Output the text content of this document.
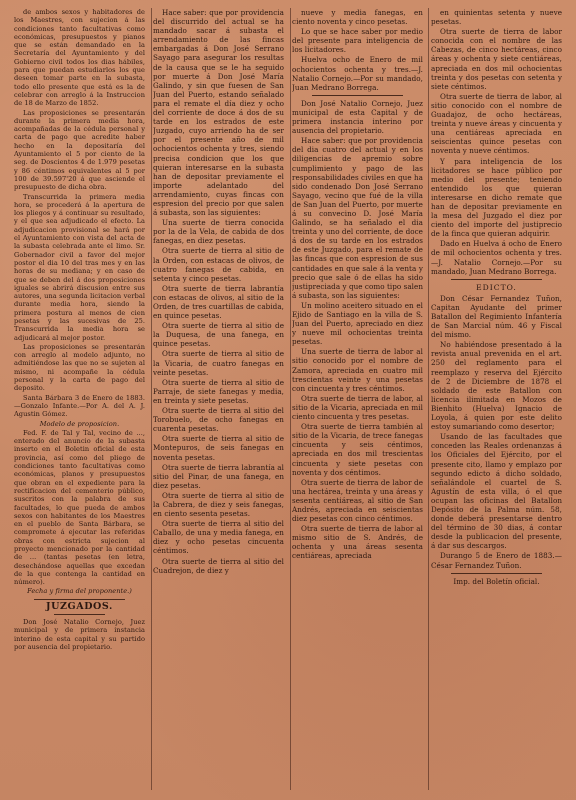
de ambos sexos y habitadores de los Maestres, con sujecion á las condiciones tanto facultativas como económicas, presupuestos y pianos que se están demandado en la Secretaría del Ayuntamiento y del Gobierno civil todos los dias hábiles, para que puedan estudiarlos los que deseen tomar parte en la subasta, todo ello presente que está es la de celebrar con arreglo á la Instruccion de 18 de Marzo de 1852.

Las proposiciones se presentarán durante la primera media hora, acompañadas de la cédula personal y carta de pago que acredite haber hecho en la depositaría del Ayuntamiento el 5 por ciento de la seg. de Doscientos 4 de 1.979 pesetas y 86 céntimos equivalentes al 5 por 100 de 39.597'20 á que asciende el presupuesto de dicha obra.

Transcurrida la primera media hora, se procederá á la apertura de los pliegos y á continuar su resultado, y el que sea adjudicado el efecto. La adjudicacion provisional se hará por el Ayuntamiento con vista del acta de la subasta celebrada ante el limo. Sr. Gobernador civil a favor del mejor postor el dia 10 del tras mes y en las horas de su mediana; y en caso de que se deben del á dos proposiciones iguales se abrirá discusion entre sus autores, una segunda licitacion verbal durante media hora, siendo la primera postura al menos de cien pesetas y las sucesivas de 25. Transcurrida la media hora se adjudicará al mejor postor.

Las proposiciones se presentarán con arreglo al modelo adjunto, no admitiéndose las que no se sujeten al mismo, ni acompañe la cédula personal y la carta de pago del deposito.

Santa Bárbara 3 de Enero de 1883.—Gonzalo Infante.—Por A. del A. J. Agustin Gómez.

Modelo de proposicion.

Fed. F. de Tal y Tal, vecino de ..., enterado del anuncio de la subasta inserto en el Boletin oficial de esta provincia, así como del pliego de condiciones tanto facultativas como económicas, planos y presupuestos que obran en el expediente para la rectificacion del cementerio público, suscritos con la palabra de sus facultades, lo que pueda de ambos sexos con habitantes de los Maestres en el pueblo de Santa Bárbara, se compromete á ejecutar las referidas obras con estricta sujecion al proyecto mencionado por la cantidad de ... (tantas pesetas (en letra, desechándose aquellas que excedan de la que contenga la cantidad en número).

Fecha y firma del proponente.)

JUZGADOS.

Don José Natalio Cornejo, Juez municipal y de primera instancia interino de esta capital y su partido por ausencia del propietario.

Hace saber: que por providencia del discurrido del actual se ha mandado sacar á subasta el arrendamiento de las fincas embargadas á Don José Serrano Sayago para asegurar los resultas de la causa que se le ha seguido por muerte á Don José María Galindo, y sin que fuesen de San Juan del Puerto, estando señalado para el remate el día diez y ocho del corriente de doce á dos de su tarde en los estrados de este Juzgado, cuyo arriendo ha de ser por el presente año de mil ochocientos ochenta y tres, siendo precisa condicion que los que quieran interesarse en la subasta han de depositar previamente el importe adelantado del arrendamiento, cuyas fincas con espresion del precio por que salen á subasta, son las siguientes:

Una suerte de tierra conocida por la de la Vela, de cabida de dos fanegas, en diez pesetas.

Otra suerte de tierra al sitio de la Orden, con estacas de olivos, de cuatro fanegas de cabida, en setenta y cinco pesetas.

Otra suerte de tierra labrantía con estacas de olivos, al sitio de la Orden, de tres cuartillas de cabida, en quince pesetas.

Otra suerte de tierra al sitio de la Duquesa, de una fanega, en quince pesetas.

Otra suerte de tierra al sitio de la Vicaria, de cuatro fanegas en veinte pesetas.

Otra suerte de tierra al sitio de Parraje, de siete fanegas y media, en treinta y siete pesetas.

Otra suerte de tierra al sitio del Torobuelo, de ocho fanegas en cuarenta pesetas.

Otra suerte de tierra al sitio de Montepuros, de seis fanegas en noventa pesetas.

Otra suerte de tierra labrantía al sitio del Pinar, de una fanega, en diez pesetas.

Otra suerte de tierra al sitio de la Cabrera, de diez y seis fanegas, en ciento sesenta pesetas.

Otra suerte de tierra al sitio del Caballo, de una y media fanega, en diez y ocho pesetas cincuenta céntimos.

Otra suerte de tierra al sitio del Cuadrejon, de diez y

nueve y media fanegas, en ciento noventa y cinco pesetas.

Lo que se hace saber por medio del presente para inteligencia de los licitadores.

Huelva ocho de Enero de mil ochocientos ochenta y tres.—J. Natalio Cornejo.—Por su mandado, Juan Medrano Borrega.

Don José Natalio Cornejo, Juez municipal de esta Capital y de primera instancia interino por ausencia del propietario.

Hace saber: que por providencia del dia cuatro del actual y en los diligencias de apremio sobre cumplimiento y pago de las responsabilidades civiles en que ha sido condenado Don José Serrano Sayago, vecino que fué de la villa de San Juan del Puerto, por muerte á su convecino D. José María Galindo, se ha señalado el dia treinta y uno del corriente, de doce á dos de su tarde en los estrados de este Juzgado, para el remate de las fincas que con espresion de sus cantidades en que sale á la venta y precio que sale ó de ellas ha sido justipreciada y que como tipo salen á subasta, son las siguientes:

Un molino aceitero situado en el Ejido de Santiago en la villa de S. Juan del Puerto, apreciado en diez y nueve mil ochocientas treinta pesetas.

Una suerte de tierra de labor al sitio conocido por el nombre de Zamora, apreciada en cuatro mil trescientas veinte y una pesetas con cincuenta y tres céntimos.

Otra suerte de tierra de labor, al sitio de la Vicaria, apreciada en mil ciento cincuenta y tres pesetas.

Otra suerte de tierra también al sitio de la Vicaria, de trece fanegas cincuenta y seis céntimos, apreciada en dos mil trescientas cincuenta y siete pesetas con noventa y dos céntimos.

Otra suerte de tierra de labor de una hectárea, treinta y una áreas y sesenta centiáreas, al sitio de San Andrés, apreciada en seiscientas diez pesetas con cinco céntimos.

Otra suerte de tierra de labor al mismo sitio de S. Andrés, de ochenta y una áreas sesenta centiáreas, apreciada

en quinientas setenta y nueve pesetas.

Otra suerte de tierra de labor conocida con el nombre de las Cabezas, de cinco hectáreas, cinco áreas y ochenta y siete centiáreas, apreciada en dos mil ochocientas treinta y dos pesetas con setenta y siete céntimos.

Otra suerte de tierra de labor, al sitio conocido con el nombre de Guadajoz, de ocho hectáreas, treinta y nueve áreas y cincuenta y una centiáreas apreciada en seiscientas quince pesetas con noventa y nueve céntimos.

Y para inteligencia de los licitadores se hace público por medio del presente; teniendo entendido los que quieran interesarse en dicho remate que han de depositar previamente en la mesa del Juzgado el diez por ciento del importe del justiprecio de la finca que quieran adquirir.

Dado en Huelva á ocho de Enero de mil ochocientos ochenta y tres.—J. Natalio Cornejo.—Por su mandado, Juan Medrano Borrega.

EDICTO.

Don César Fernandez Tuñon, Capitan Ayudante del primer Batallon del Regimiento Infantería de San Marcial núm. 46 y Fiscal del mismo.

No habiéndose presentado á la revista anual prevenida en el art. 250 del reglamento para el reemplazo y reserva del Ejército de 2 de Diciembre de 1878 el soldado de este Batallon con licencia ilimitada en Mozos de Bienhito (Huelva) Ignacio de Loyola, á quien por este delito estoy sumariando como desertor;

Usando de las facultades que conceden las Reales ordenanzas á los Oficiales del Ejército, por el presente cito, llamo y emplazo por segundo edicto á dicho soldado, señalándole el cuartel de S. Agustín de esta villa, ó el que ocupan las oficinas del Batallon Depósito de la Palma núm. 58, donde deberá presentarse dentro del término de 30 dias, á contar desde la publicacion del presente, á dar sus descargos.

Durango 5 de Enero de 1883.—César Fernandez Tuñon.

Imp. del Boletín oficial.
